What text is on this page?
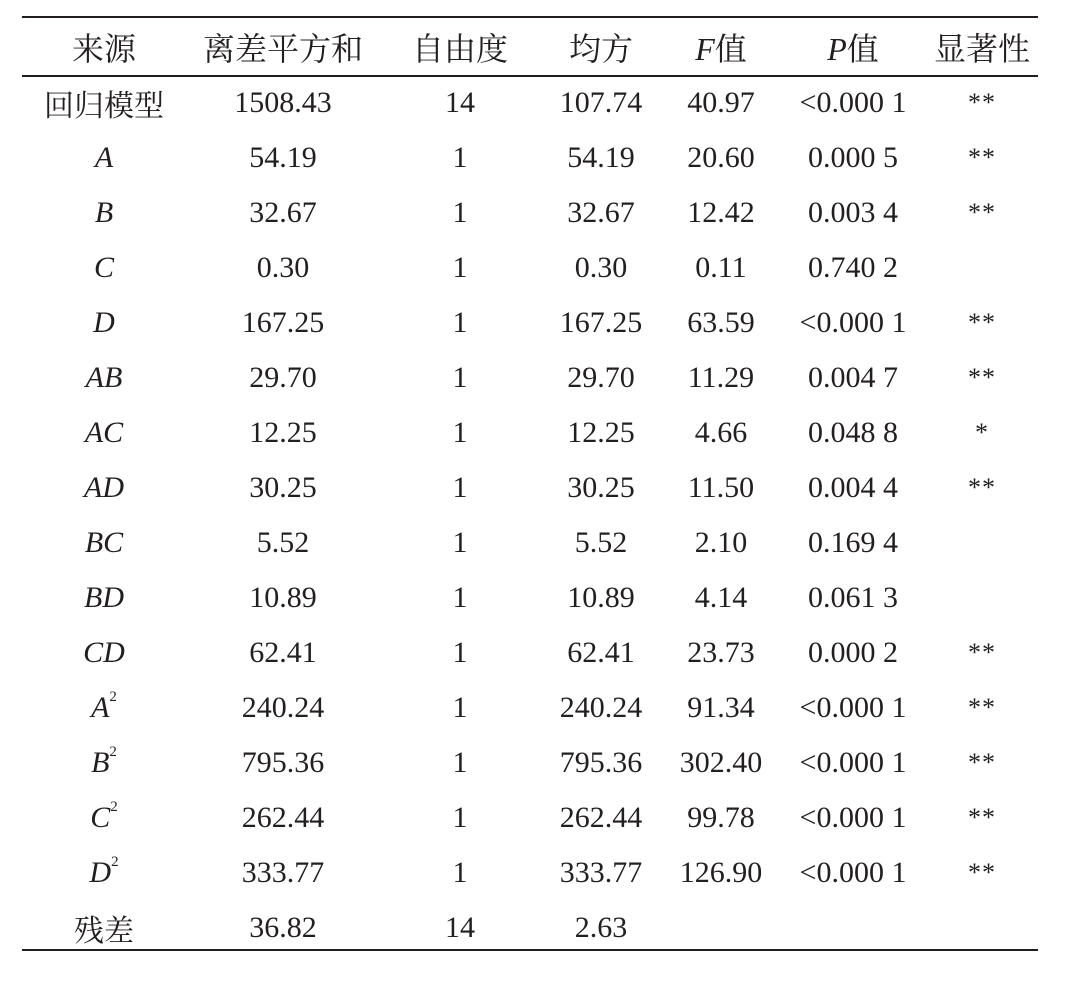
来源	离差平方和	自由度	均方	F值	P值	显著性
回归模型	1508.43	14	107.74	40.97	<0.000 1	**
A	54.19	1	54.19	20.60	0.000 5	**
B	32.67	1	32.67	12.42	0.003 4	**
C	0.30	1	0.30	0.11	0.740 2	
D	167.25	1	167.25	63.59	<0.000 1	**
AB	29.70	1	29.70	11.29	0.004 7	**
AC	12.25	1	12.25	4.66	0.048 8	*
AD	30.25	1	30.25	11.50	0.004 4	**
BC	5.52	1	5.52	2.10	0.169 4	
BD	10.89	1	10.89	4.14	0.061 3	
CD	62.41	1	62.41	23.73	0.000 2	**
$A^2$	240.24	1	240.24	91.34	<0.000 1	**
$B^2$	795.36	1	795.36	302.40	<0.000 1	**
$C^2$	262.44	1	262.44	99.78	<0.000 1	**
$D^2$	333.77	1	333.77	126.90	<0.000 1	**
残差	36.82	14	2.63			
